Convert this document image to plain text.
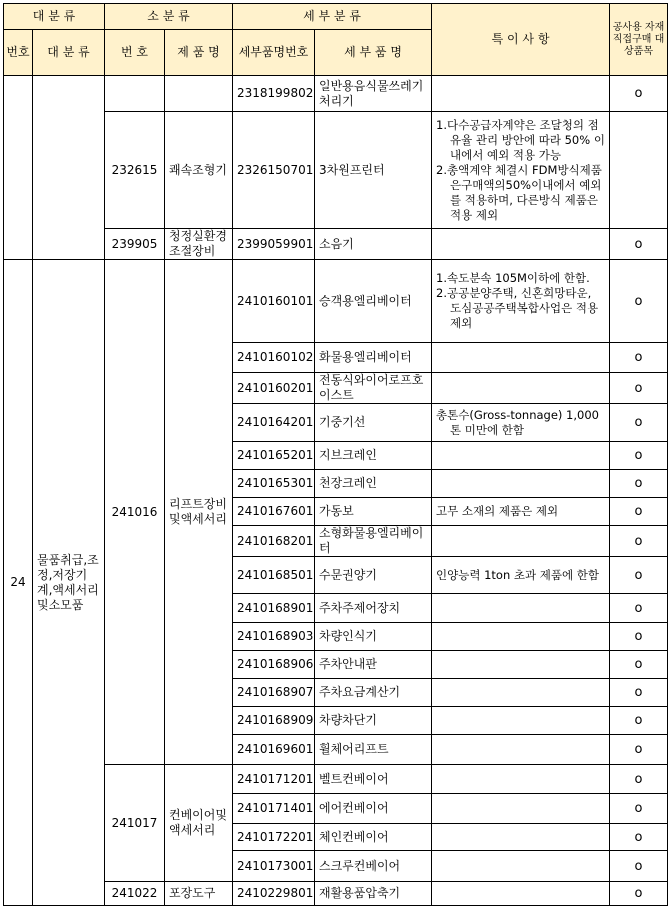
대 분 류		소 분 류		세 부 분 류		특 이 사 항	공사용 자재 직접구매 대상품목
번호	대 분 류	번 호	제 품 명	세부품명번호	세 부 품 명		
				2318199802	일반용음식물쓰레기처리기		o
		232615	쾌속조형기	2326150701	3차원프린터	1.다수공급자계약은 조달청의 점유율 관리 방안에 따라 50% 이내에서 예외 적용 가능
2.총액계약 체결시 FDM방식제품은구매액의50%이내에서 예외를 적용하며, 다른방식 제품은 적용 제외	

		239905	청정실환경조절장비	2399059901	소음기		o
24	물품취급,조정,저장기계,액세서리및소모품	241016	리프트장비및액세서리	2410160101	승객용엘리베이터	1.속도분속 105M이하에 한함.
2.공공분양주택, 신혼희망타운, 도심공공주택복합사업은 적용 제외	o
				2410160102	화물용엘리베이터		o
				2410160201	전동식와이어로프호이스트		o
				2410164201	기중기선	총톤수(Gross-tonnage) 1,000톤 미만에 한함	o
				2410165201	지브크레인		o
				2410165301	천장크레인		o
				2410167601	가동보	고무 소재의 제품은 제외	o
				2410168201	소형화물용엘리베이터		o
				2410168501	수문권양기	인양능력 1ton 초과 제품에 한함	o
				2410168901	주차주제어장치		o
				2410168903	차량인식기		o
				2410168906	주차안내판		o
				2410168907	주차요금계산기		o
				2410168909	차량차단기		o
				2410169601	휠체어리프트		o
		241017	컨베이어및액세서리	2410171201	벨트컨베이어		o
				2410171401	에어컨베이어		o
				2410172201	체인컨베이어		o
				2410173001	스크루컨베이어		o
		241022	포장도구	2410229801	재활용품압축기		o
